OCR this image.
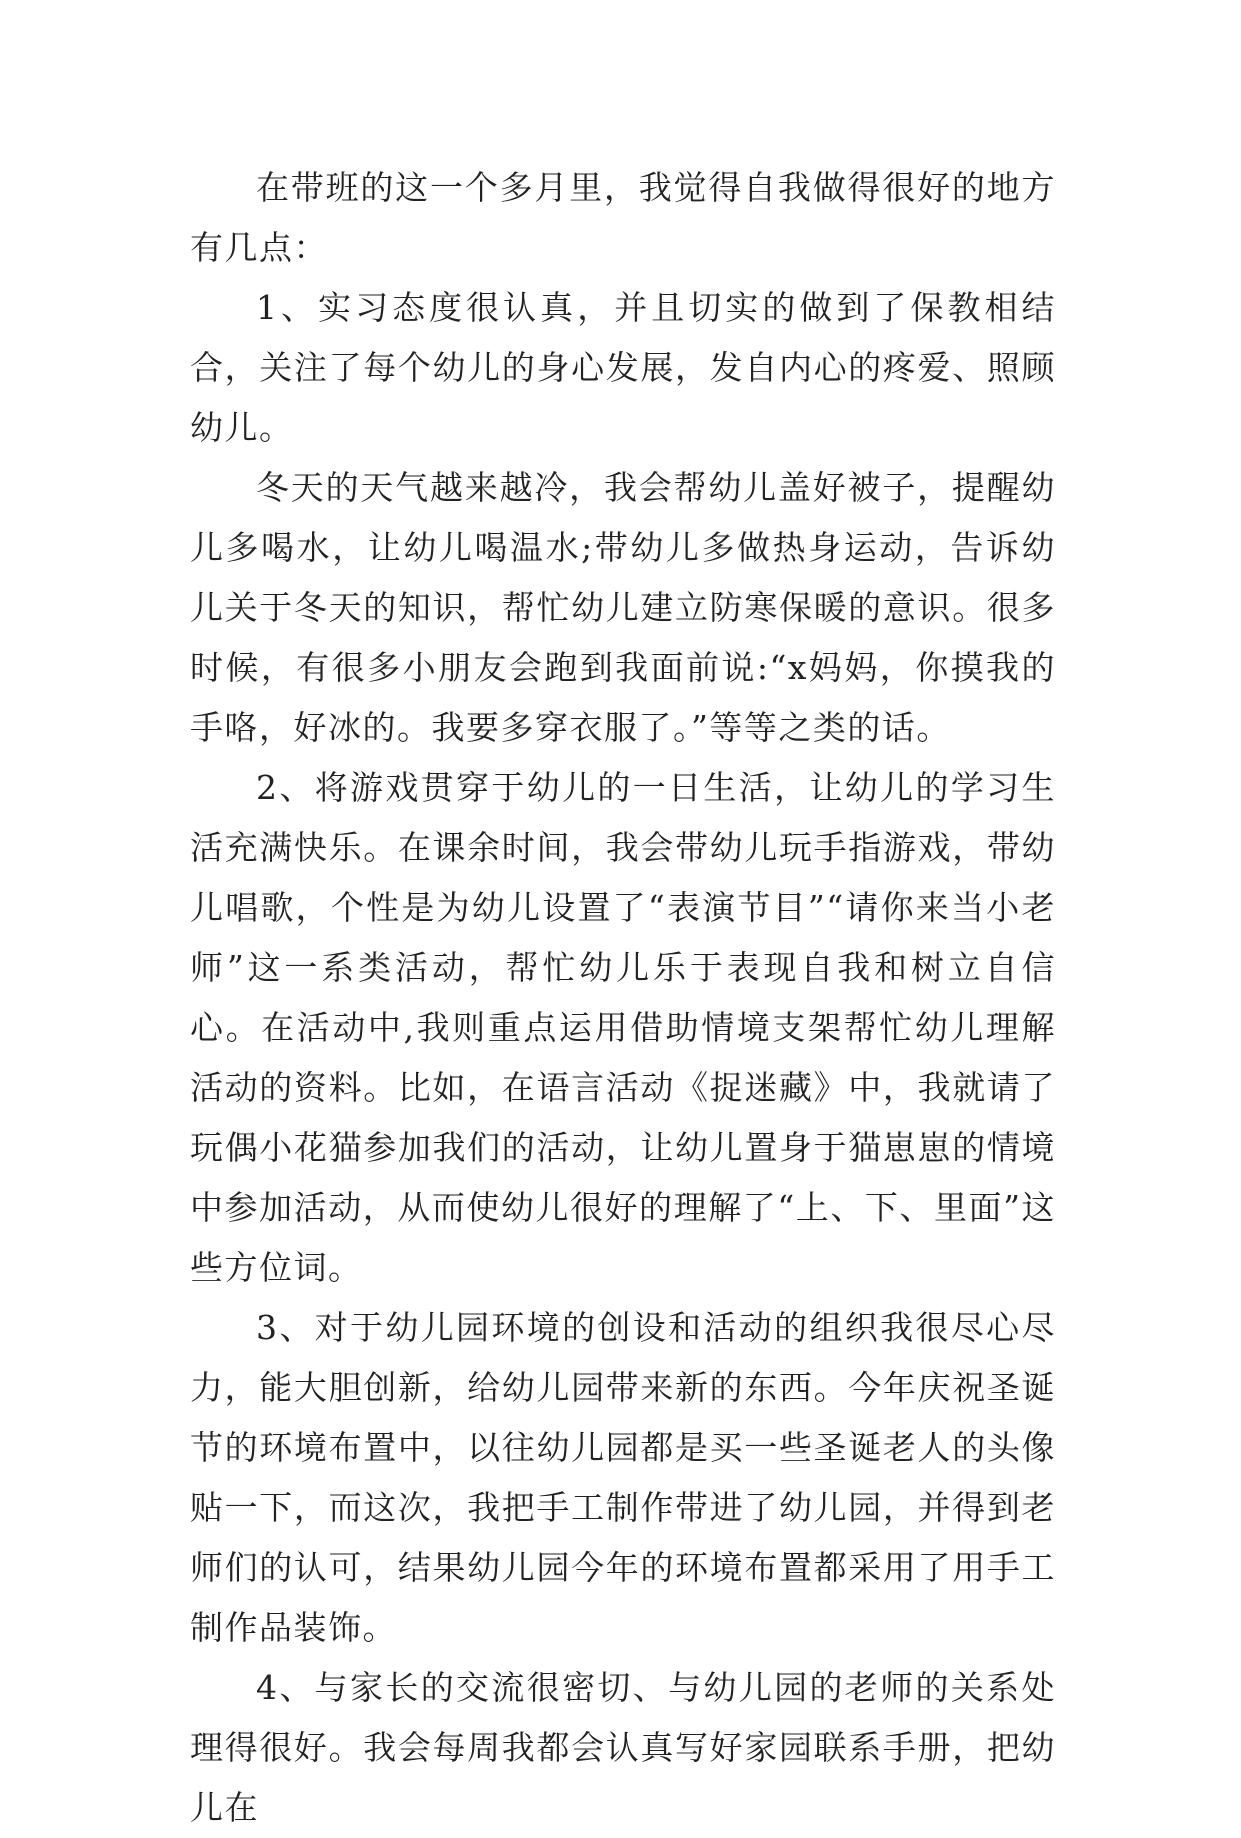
在带班的这一个多月里，我觉得自我做得很好的地方有几点：

1、实习态度很认真，并且切实的做到了保教相结合，关注了每个幼儿的身心发展，发自内心的疼爱、照顾幼儿。

冬天的天气越来越冷，我会帮幼儿盖好被子，提醒幼儿多喝水，让幼儿喝温水;带幼儿多做热身运动，告诉幼儿关于冬天的知识，帮忙幼儿建立防寒保暖的意识。很多时候，有很多小朋友会跑到我面前说:“x妈妈，你摸我的手咯，好冰的。我要多穿衣服了。”等等之类的话。

2、将游戏贯穿于幼儿的一日生活，让幼儿的学习生活充满快乐。在课余时间，我会带幼儿玩手指游戏，带幼儿唱歌，个性是为幼儿设置了“表演节目”“请你来当小老师”这一系类活动，帮忙幼儿乐于表现自我和树立自信心。在活动中,我则重点运用借助情境支架帮忙幼儿理解活动的资料。比如，在语言活动《捉迷藏》中，我就请了玩偶小花猫参加我们的活动，让幼儿置身于猫崽崽的情境中参加活动，从而使幼儿很好的理解了“上、下、里面”这些方位词。

3、对于幼儿园环境的创设和活动的组织我很尽心尽力，能大胆创新，给幼儿园带来新的东西。今年庆祝圣诞节的环境布置中，以往幼儿园都是买一些圣诞老人的头像贴一下，而这次，我把手工制作带进了幼儿园，并得到老师们的认可，结果幼儿园今年的环境布置都采用了用手工制作品装饰。

4、与家长的交流很密切、与幼儿园的老师的关系处理得很好。我会每周我都会认真写好家园联系手册，把幼儿在
